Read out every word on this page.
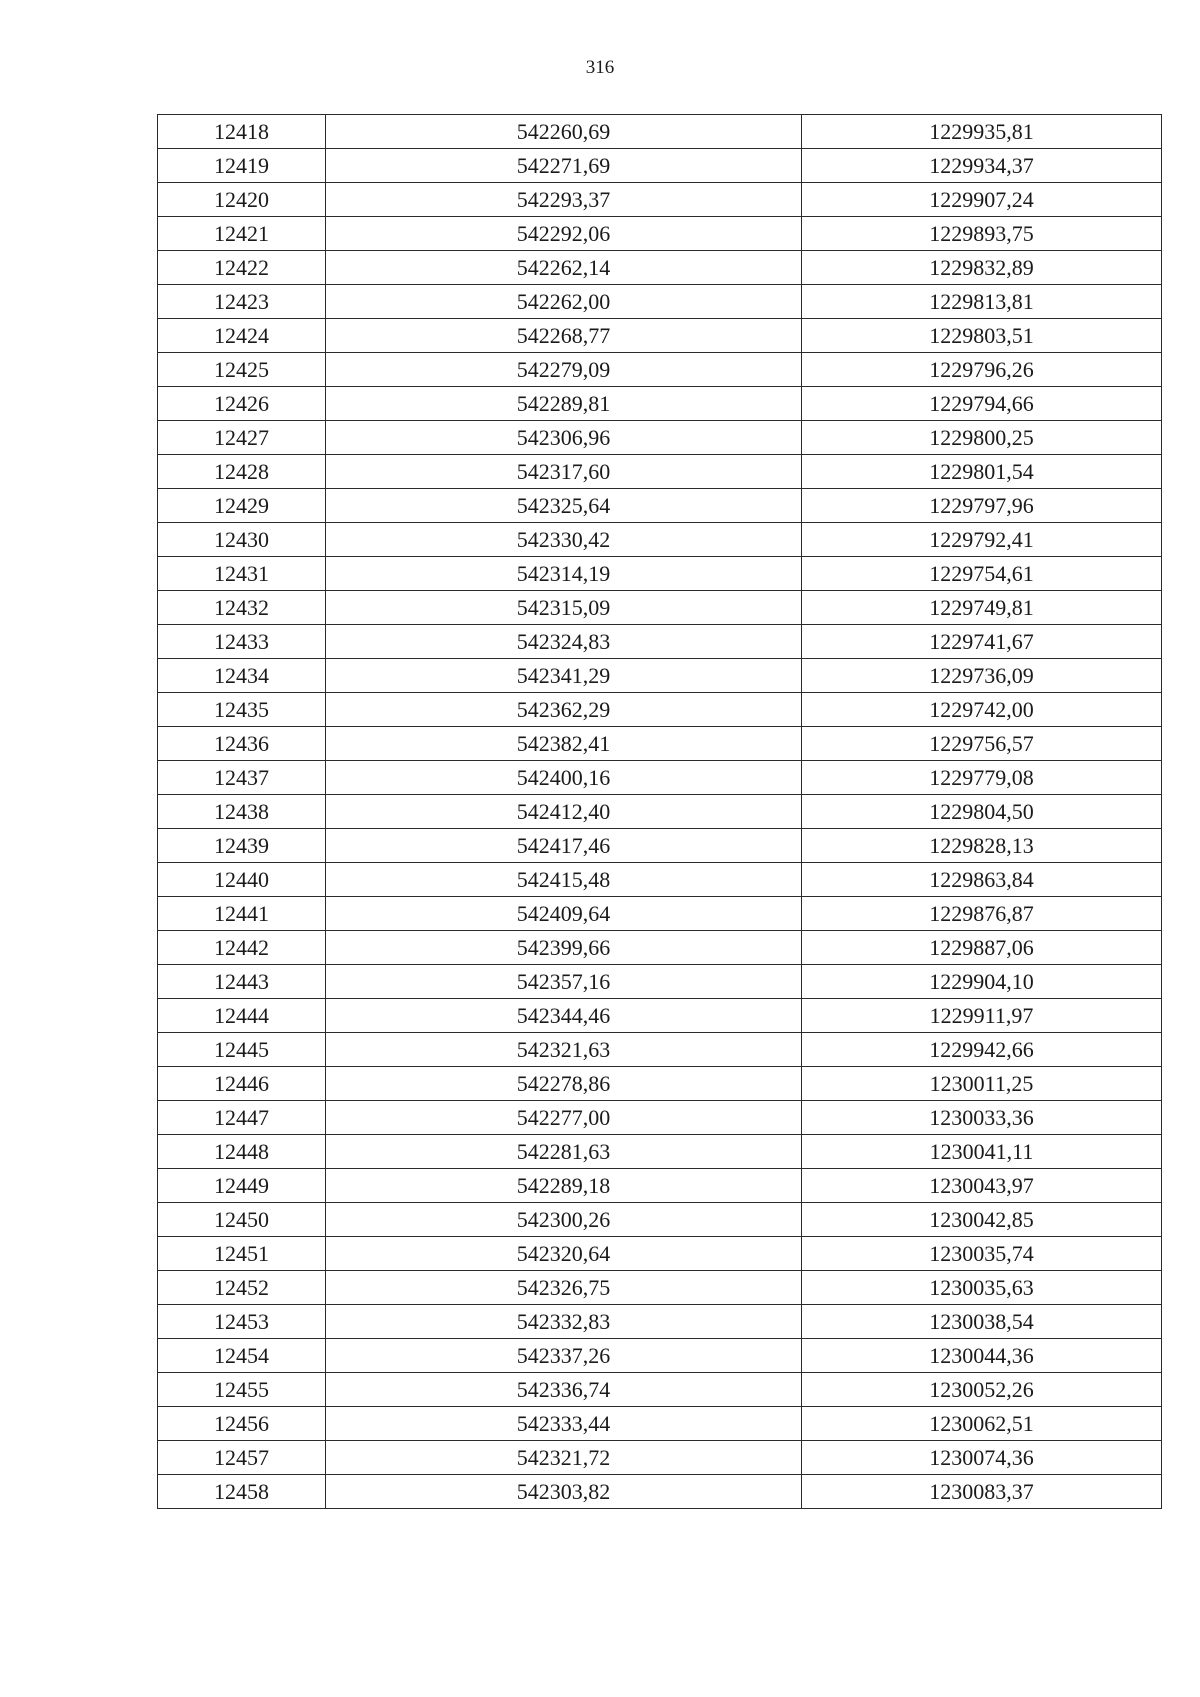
316
12418	542260,69	1229935,81
12419	542271,69	1229934,37
12420	542293,37	1229907,24
12421	542292,06	1229893,75
12422	542262,14	1229832,89
12423	542262,00	1229813,81
12424	542268,77	1229803,51
12425	542279,09	1229796,26
12426	542289,81	1229794,66
12427	542306,96	1229800,25
12428	542317,60	1229801,54
12429	542325,64	1229797,96
12430	542330,42	1229792,41
12431	542314,19	1229754,61
12432	542315,09	1229749,81
12433	542324,83	1229741,67
12434	542341,29	1229736,09
12435	542362,29	1229742,00
12436	542382,41	1229756,57
12437	542400,16	1229779,08
12438	542412,40	1229804,50
12439	542417,46	1229828,13
12440	542415,48	1229863,84
12441	542409,64	1229876,87
12442	542399,66	1229887,06
12443	542357,16	1229904,10
12444	542344,46	1229911,97
12445	542321,63	1229942,66
12446	542278,86	1230011,25
12447	542277,00	1230033,36
12448	542281,63	1230041,11
12449	542289,18	1230043,97
12450	542300,26	1230042,85
12451	542320,64	1230035,74
12452	542326,75	1230035,63
12453	542332,83	1230038,54
12454	542337,26	1230044,36
12455	542336,74	1230052,26
12456	542333,44	1230062,51
12457	542321,72	1230074,36
12458	542303,82	1230083,37
